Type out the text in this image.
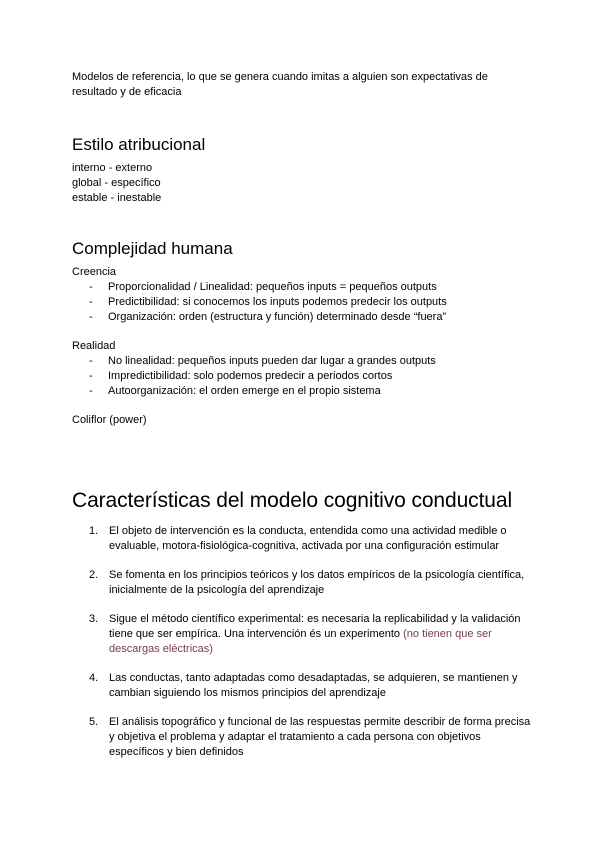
Modelos de referencia, lo que se genera cuando imitas a alguien son expectativas de resultado y de eficacia

Estilo atribucional

interno - externo

global - específico

estable - inestable

Complejidad humana

Creencia

- Proporcionalidad / Linealidad: pequeños inputs = pequeños outputs
- Predictibilidad: si conocemos los inputs podemos predecir los outputs
- Organización: orden (estructura y función) determinado desde “fuera”

Realidad

- No linealidad: pequeños inputs pueden dar lugar a grandes outputs
- Impredictibilidad: solo podemos predecir a periodos cortos
- Autoorganización: el orden emerge en el propio sistema

Coliflor (power)

Características del modelo cognitivo conductual
1. El objeto de intervención es la conducta, entendida como una actividad medible o evaluable, motora-fisiológica-cognitiva, activada por una configuración estimular
2. Se fomenta en los principios teóricos y los datos empíricos de la psicología científica, inicialmente de la psicología del aprendizaje
3. Sigue el método científico experimental: es necesaria la replicabilidad y la validación tiene que ser empírica. Una intervención és un experimento (no tienen que ser descargas eléctricas)
4. Las conductas, tanto adaptadas como desadaptadas, se adquieren, se mantienen y cambian siguiendo los mismos principios del aprendizaje
5. El análisis topográfico y funcional de las respuestas permite describir de forma precisa y objetiva el problema y adaptar el tratamiento a cada persona con objetivos específicos y bien definidos
